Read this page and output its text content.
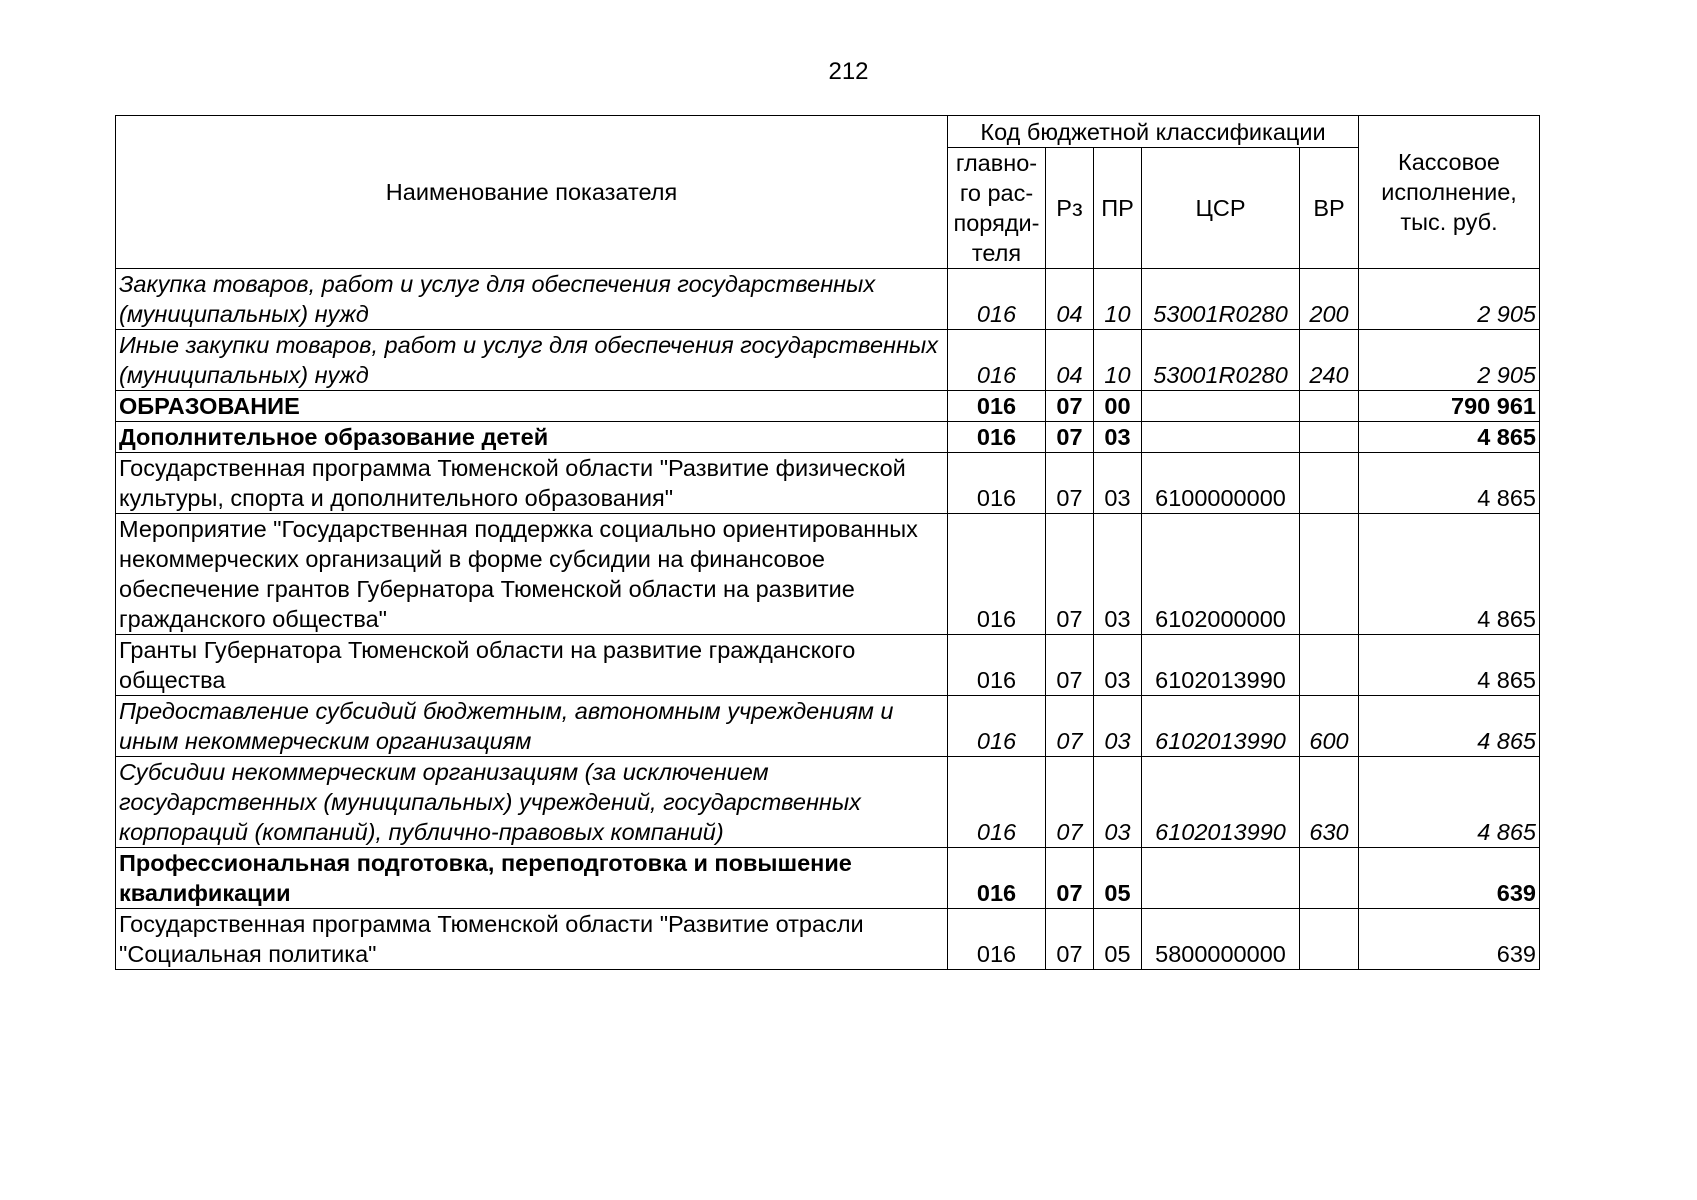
212
Наименование показателя	Код бюджетной классификации					Кассовое исполнение, тыс. руб.
	главно-
го рас-
поряди-
теля	Рз	ПР	ЦСР	ВР	
Закупка товаров, работ и услуг для обеспечения государственных (муниципальных) нужд	016	04	10	53001R0280	200	2 905
Иные закупки товаров, работ и услуг для обеспечения государственных (муниципальных) нужд	016	04	10	53001R0280	240	2 905
ОБРАЗОВАНИЕ	016	07	00			790 961
Дополнительное образование детей	016	07	03			4 865
Государственная программа Тюменской области "Развитие физической культуры, спорта и дополнительного образования"	016	07	03	6100000000		4 865
Мероприятие "Государственная поддержка социально ориентированных некоммерческих организаций в форме субсидии на финансовое обеспечение грантов Губернатора Тюменской области на развитие гражданского общества"	016	07	03	6102000000		4 865
Гранты Губернатора Тюменской области на развитие гражданского общества	016	07	03	6102013990		4 865
Предоставление субсидий бюджетным, автономным учреждениям и иным некоммерческим организациям	016	07	03	6102013990	600	4 865
Субсидии некоммерческим организациям (за исключением государственных (муниципальных) учреждений, государственных корпораций (компаний), публично-правовых компаний)	016	07	03	6102013990	630	4 865
Профессиональная подготовка, переподготовка и повышение квалификации	016	07	05			639
Государственная программа Тюменской области "Развитие отрасли "Социальная политика"	016	07	05	5800000000		639
